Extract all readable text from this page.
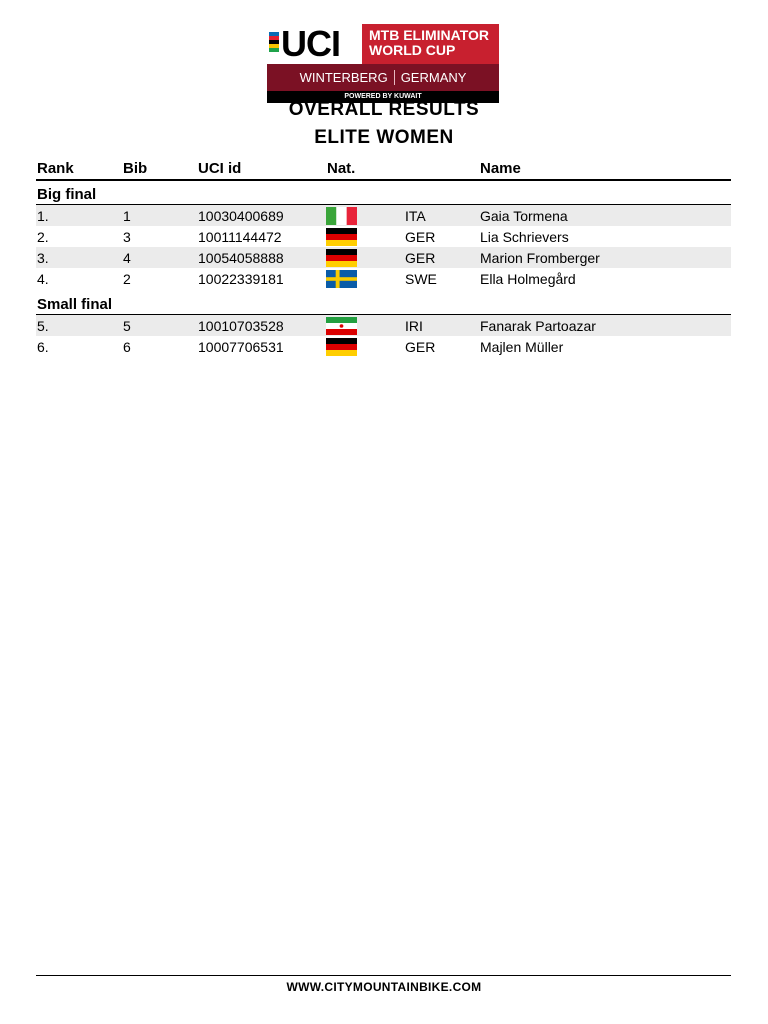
UCI MTB ELIMINATOR
WORLD CUP
WINTERBERG GERMANY
POWERED BY KUWAIT
OVERALL RESULTS
ELITE WOMEN
Rank	Bib	UCI id	Nat.	Name
Big final
1.	1	10030400689	ITA	Gaia Tormena
2.	3	10011144472	GER	Lia Schrievers
3.	4	10054058888	GER	Marion Fromberger
4.	2	10022339181	SWE	Ella Holmegård
Small final
5.	5	10010703528	IRI	Fanarak Partoazar
6.	6	10007706531	GER	Majlen Müller
WWW.CITYMOUNTAINBIKE.COM
